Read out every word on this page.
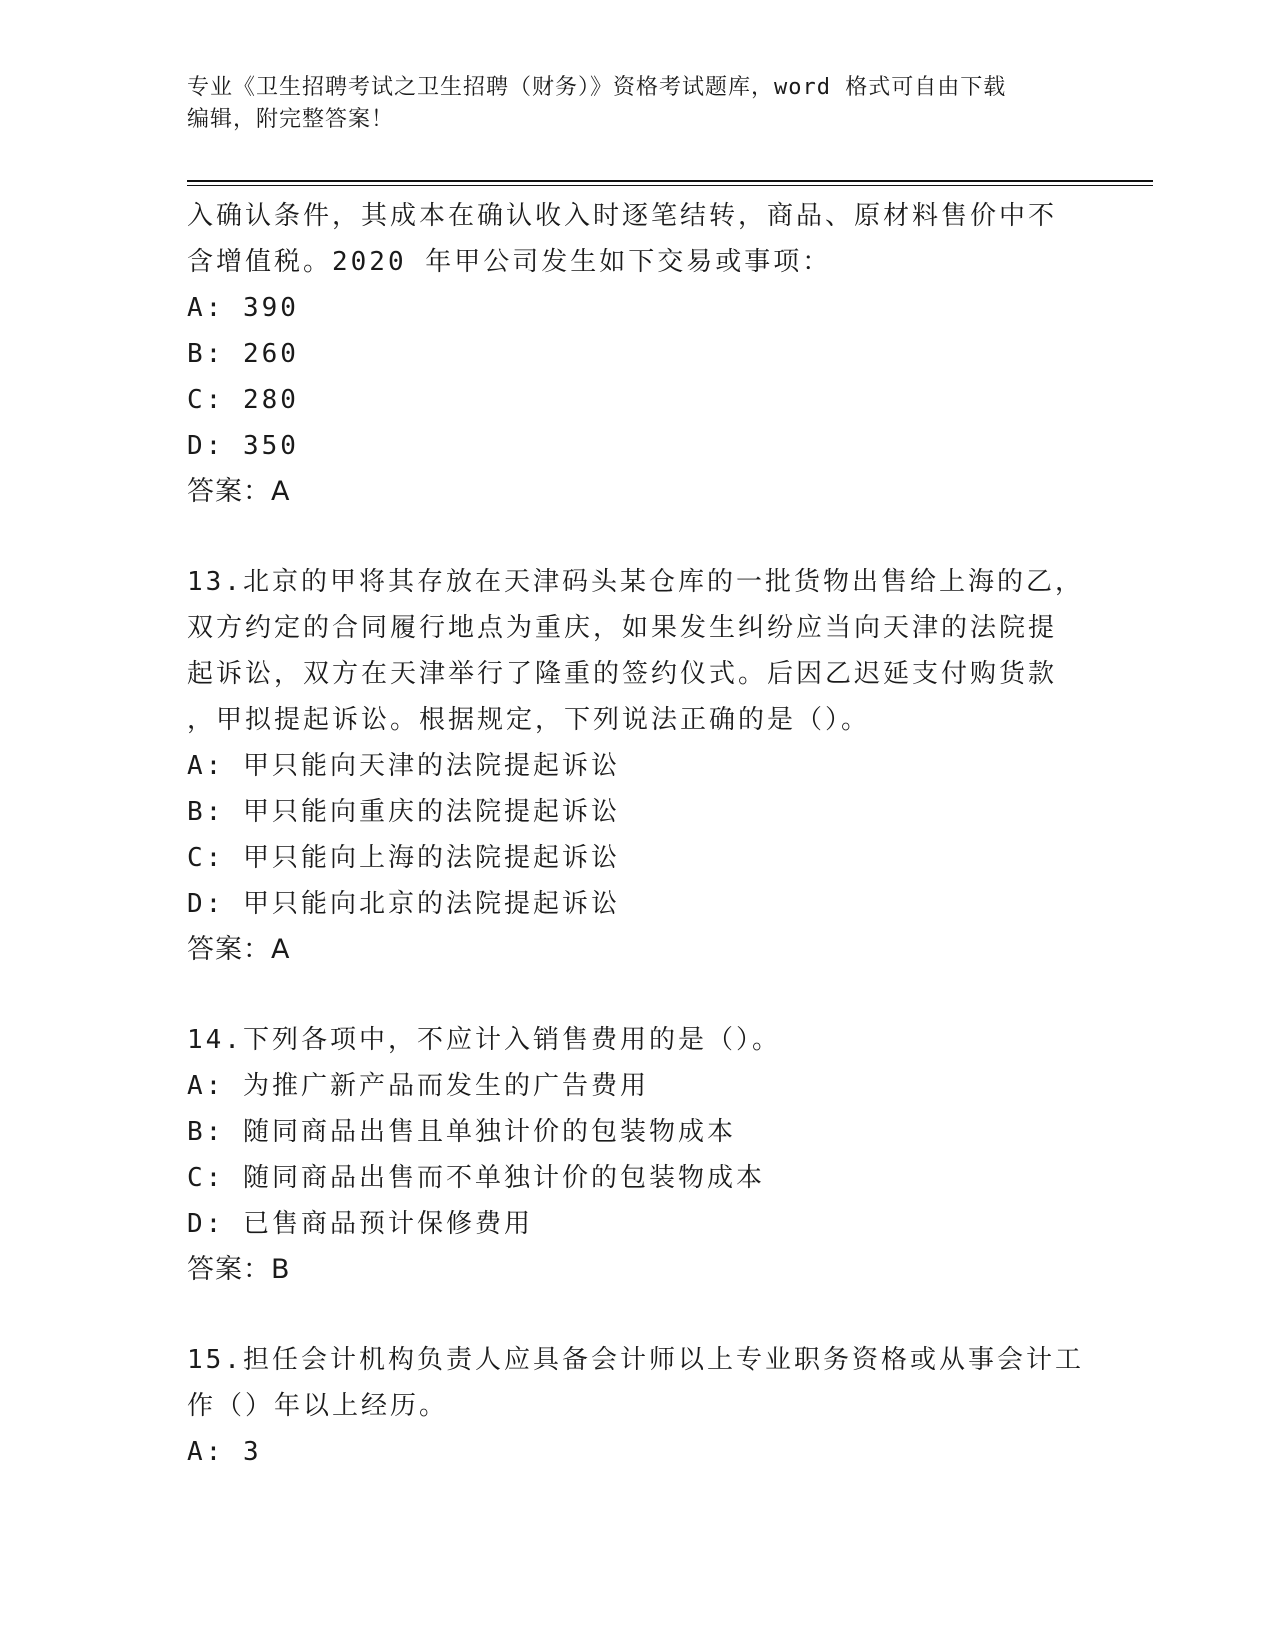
专业《卫生招聘考试之卫生招聘（财务）》资格考试题库，word 格式可自由下载
编辑，附完整答案！
入确认条件，其成本在确认收入时逐笔结转，商品、原材料售价中不
含增值税。2020 年甲公司发生如下交易或事项：
A: 390
B: 260
C: 280
D: 350
答案：A
13.北京的甲将其存放在天津码头某仓库的一批货物出售给上海的乙，
双方约定的合同履行地点为重庆，如果发生纠纷应当向天津的法院提
起诉讼，双方在天津举行了隆重的签约仪式。后因乙迟延支付购货款
，甲拟提起诉讼。根据规定，下列说法正确的是（）。
A: 甲只能向天津的法院提起诉讼
B: 甲只能向重庆的法院提起诉讼
C: 甲只能向上海的法院提起诉讼
D: 甲只能向北京的法院提起诉讼
答案：A
14.下列各项中，不应计入销售费用的是（）。
A: 为推广新产品而发生的广告费用
B: 随同商品出售且单独计价的包装物成本
C: 随同商品出售而不单独计价的包装物成本
D: 已售商品预计保修费用
答案：B
15.担任会计机构负责人应具备会计师以上专业职务资格或从事会计工
作（）年以上经历。
A: 3
